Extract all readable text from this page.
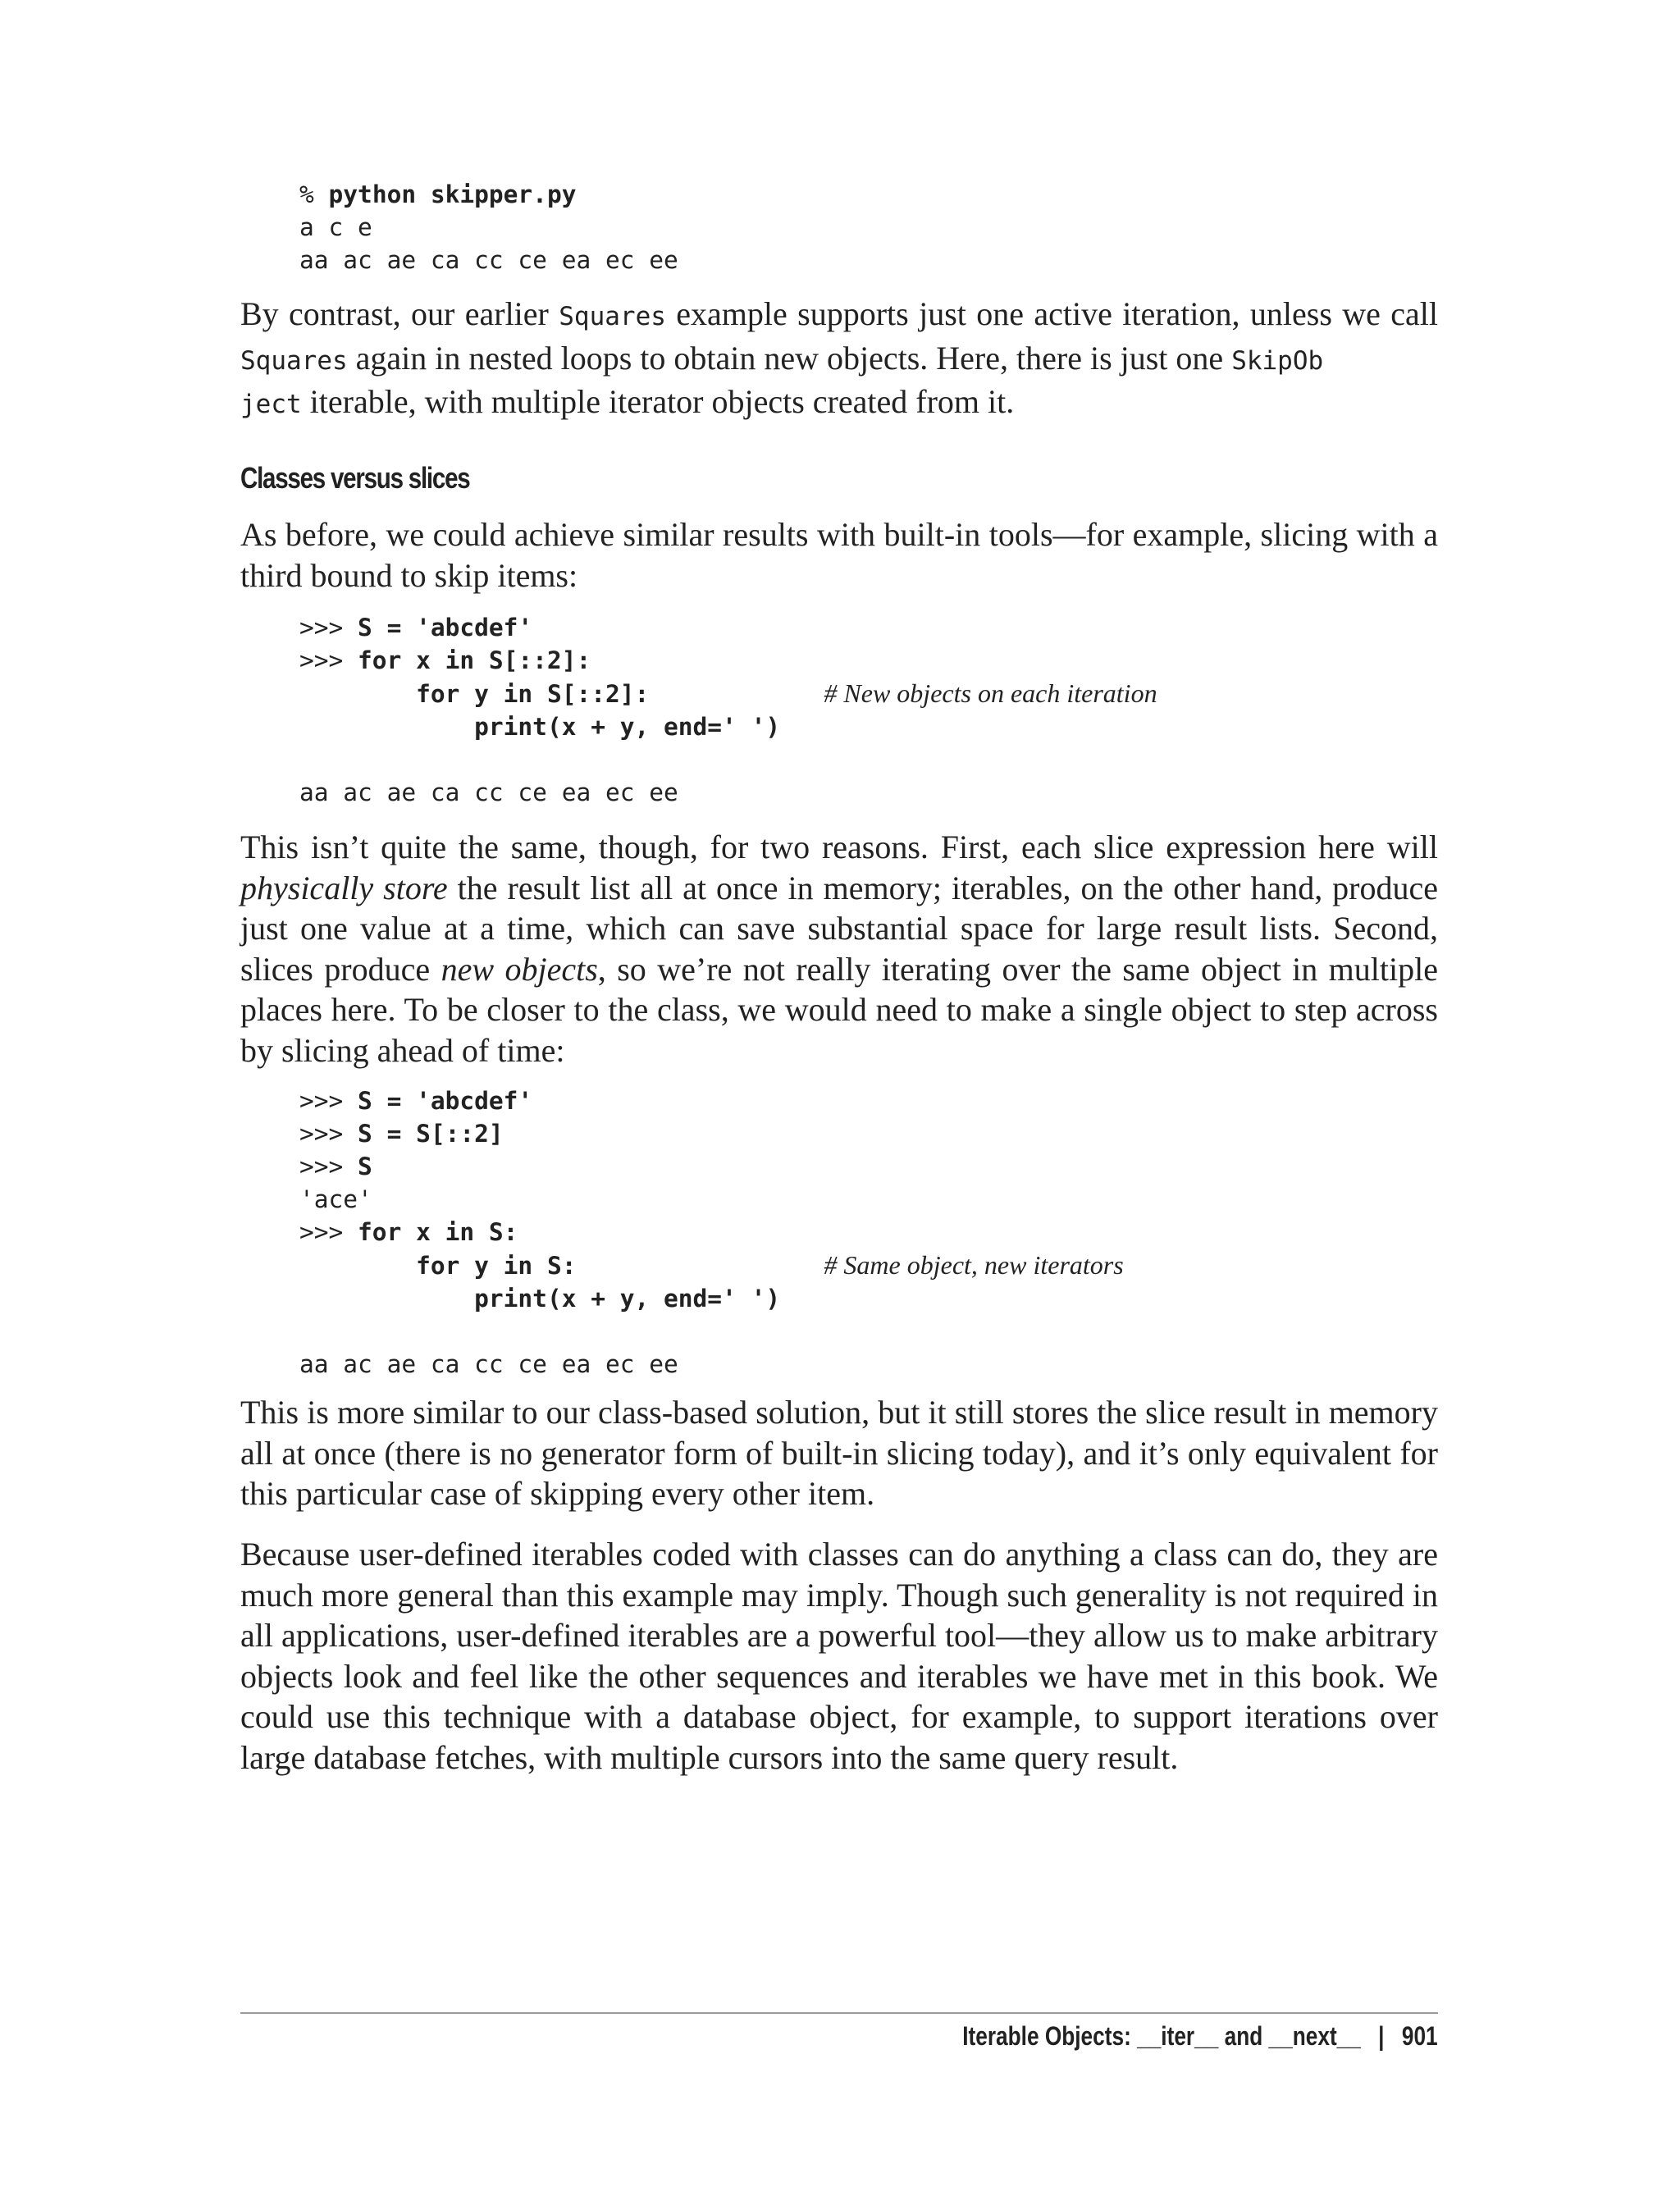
% python skipper.py
a c e
aa ac ae ca cc ce ea ec ee

By contrast, our earlier Squares example supports just one active iteration, unless we call Squares again in nested loops to obtain new objects. Here, there is just one SkipOb
ject iterable, with multiple iterator objects created from it.

Classes versus slices

As before, we could achieve similar results with built-in tools—for example, slicing with a third bound to skip items:

>>> S = 'abcdef'
>>> for x in S[::2]:
for y in S[::2]:	# New objects on each iteration
print(x + y, end=' ')

aa ac ae ca cc ce ea ec ee

This isn’t quite the same, though, for two reasons. First, each slice expression here will physically store the result list all at once in memory; iterables, on the other hand, produce just one value at a time, which can save substantial space for large result lists. Second, slices produce new objects, so we’re not really iterating over the same object in multiple places here. To be closer to the class, we would need to make a single object to step across by slicing ahead of time:

>>> S = 'abcdef'
>>> S = S[::2]
>>> S
'ace'
>>> for x in S:
for y in S:	# Same object, new iterators
print(x + y, end=' ')

aa ac ae ca cc ce ea ec ee

This is more similar to our class-based solution, but it still stores the slice result in memory all at once (there is no generator form of built-in slicing today), and it’s only equivalent for this particular case of skipping every other item.

Because user-defined iterables coded with classes can do anything a class can do, they are much more general than this example may imply. Though such generality is not required in all applications, user-defined iterables are a powerful tool—they allow us to make arbitrary objects look and feel like the other sequences and iterables we have met in this book. We could use this technique with a database object, for example, to support iterations over large database fetches, with multiple cursors into the same query result.

Iterable Objects: __iter__ and __next__ | 901
